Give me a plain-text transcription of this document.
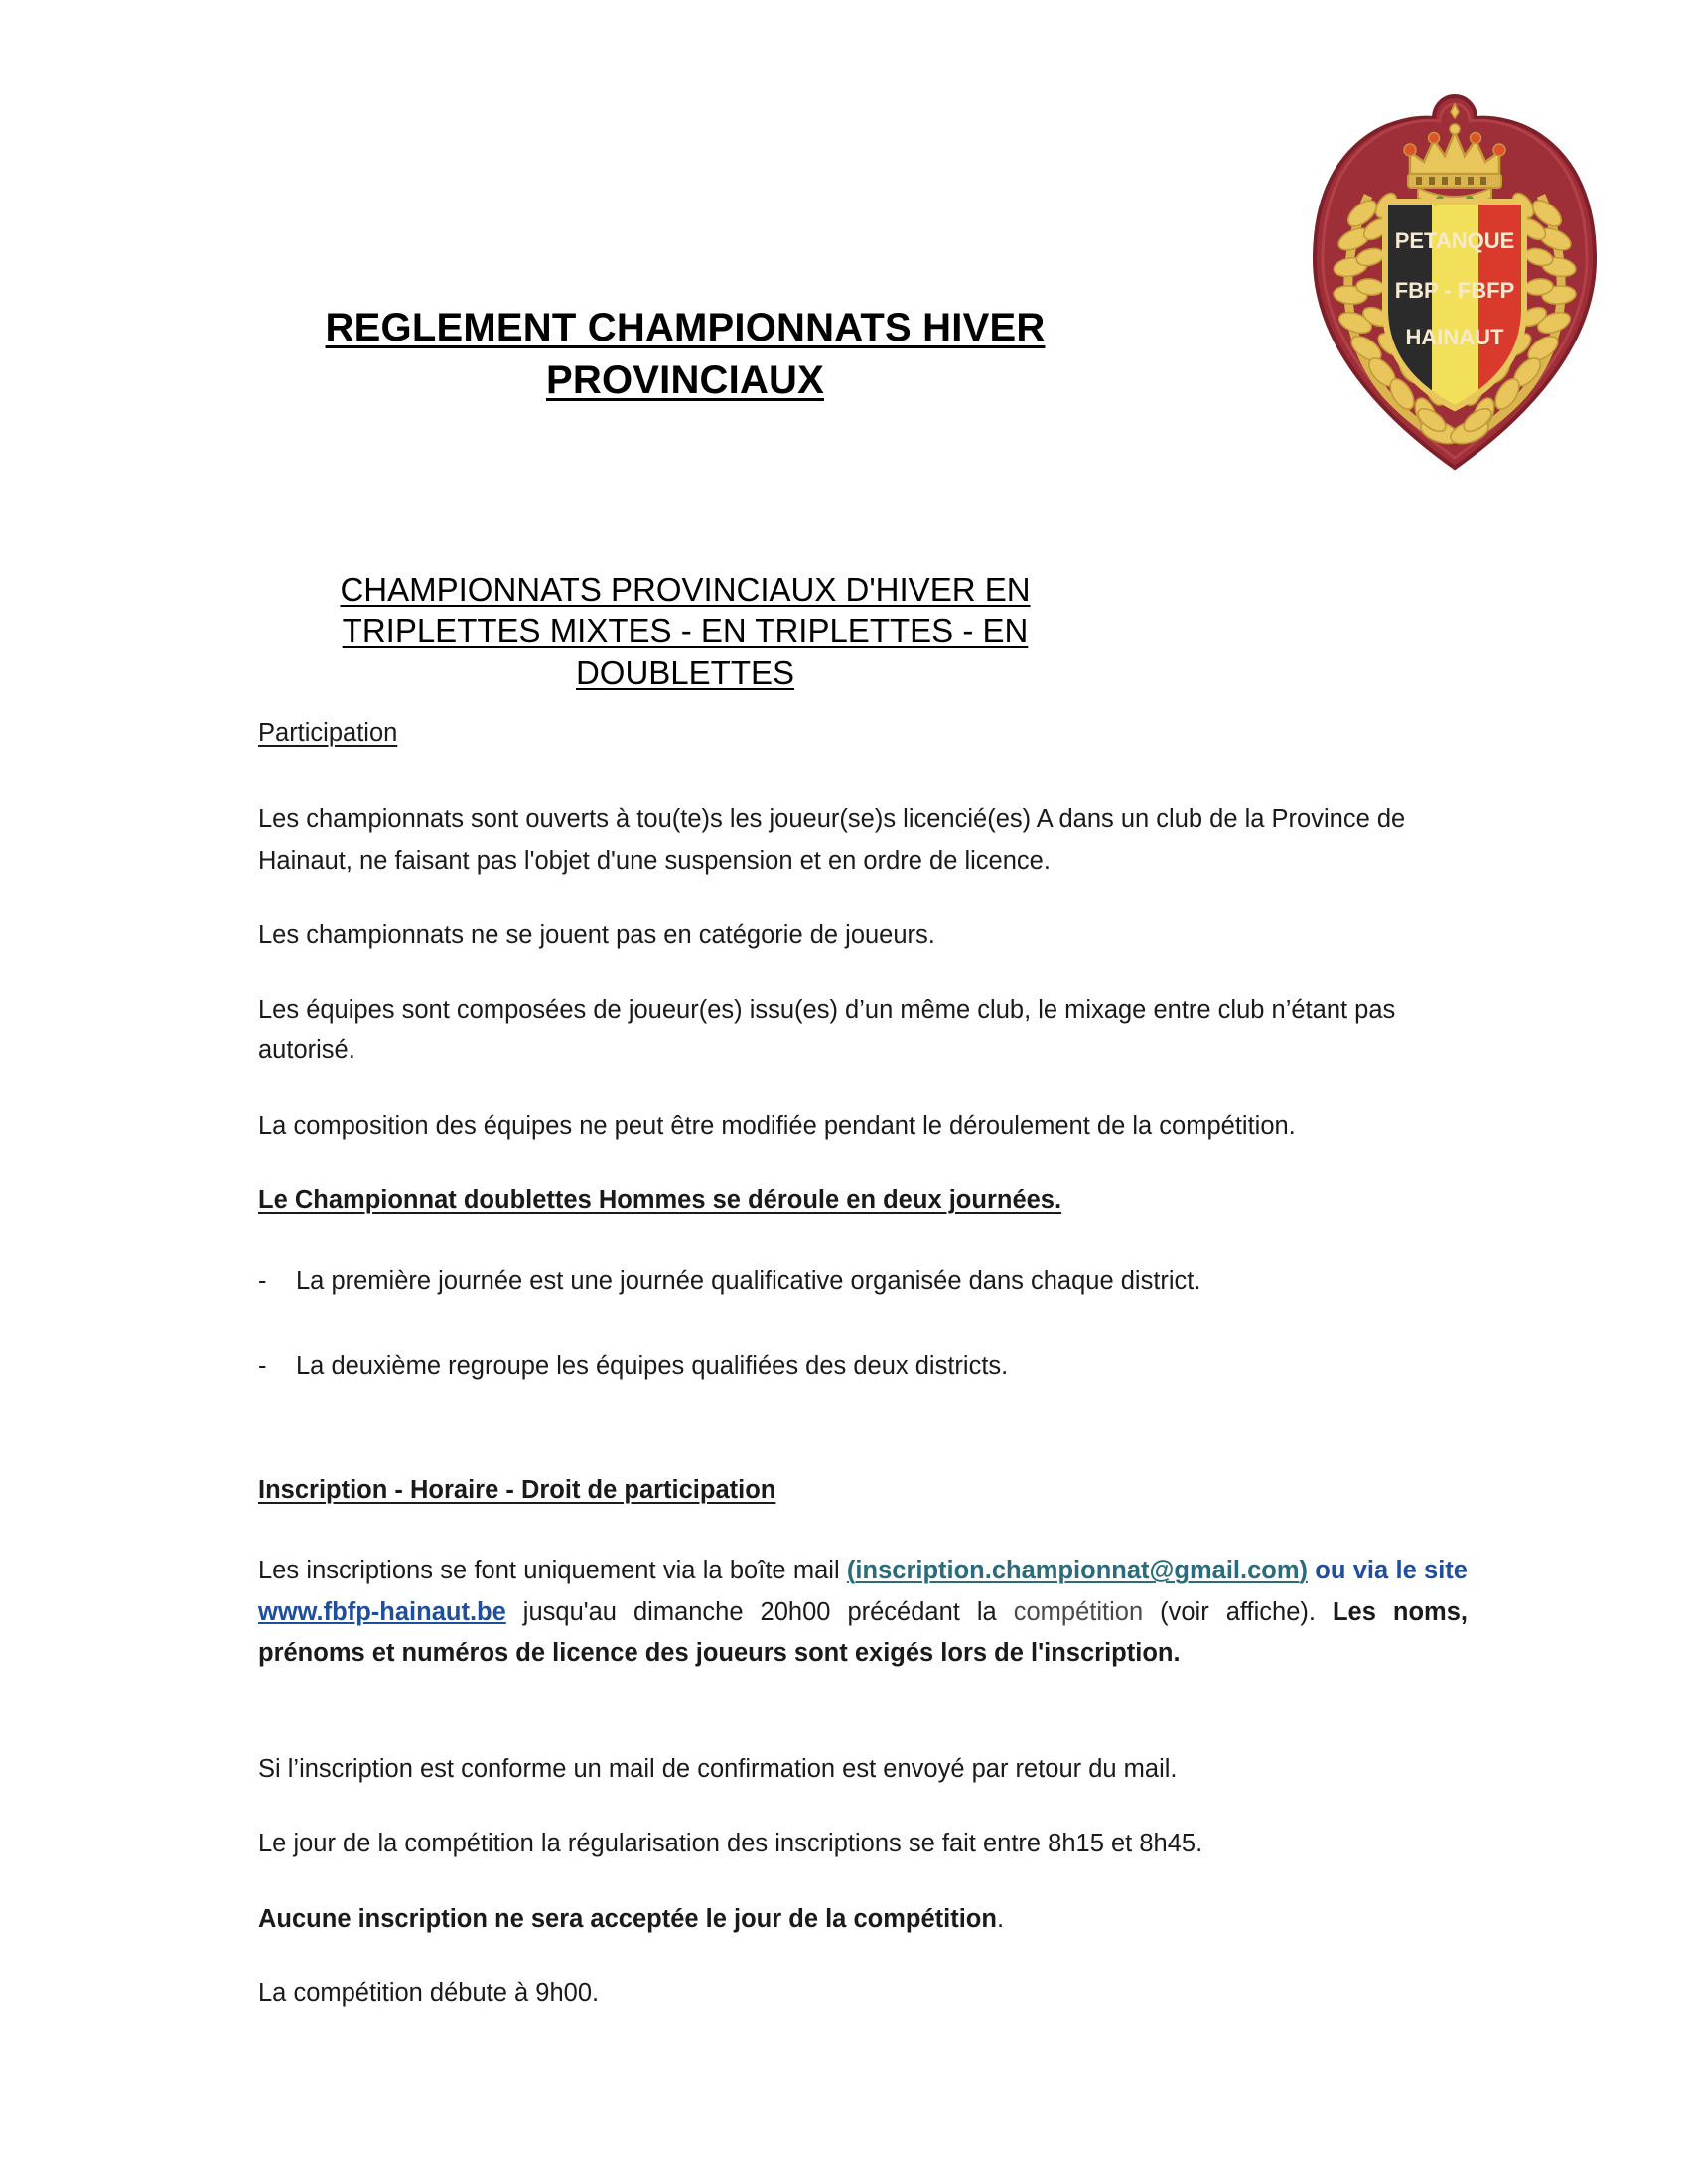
PETANQUE
FBP - FBFP
HAINAUT
REGLEMENT CHAMPIONNATS HIVER
PROVINCIAUX
CHAMPIONNATS PROVINCIAUX D'HIVER EN
TRIPLETTES MIXTES - EN TRIPLETTES - EN
DOUBLETTES
Participation

Les championnats sont ouverts à tou(te)s les joueur(se)s licencié(es) A dans un club de la Province de Hainaut, ne faisant pas l'objet d'une suspension et en ordre de licence.

Les championnats ne se jouent pas en catégorie de joueurs.

Les équipes sont composées de joueur(es) issu(es) d’un même club, le mixage entre club n’étant pas autorisé.

La composition des équipes ne peut être modifiée pendant le déroulement de la compétition.

Le Championnat doublettes Hommes se déroule en deux journées.

-	La première journée est une journée qualificative organisée dans chaque district.
-	La deuxième regroupe les équipes qualifiées des deux districts.

Inscription - Horaire - Droit de participation

Les inscriptions se font uniquement via la boîte mail (inscription.championnat@gmail.com) ou via le site www.fbfp-hainaut.be jusqu'au dimanche 20h00 précédant la compétition (voir affiche). Les noms, prénoms et numéros de licence des joueurs sont exigés lors de l'inscription.

Si l’inscription est conforme un mail de confirmation est envoyé par retour du mail.

Le jour de la compétition la régularisation des inscriptions se fait entre 8h15 et 8h45.

Aucune inscription ne sera acceptée le jour de la compétition.

La compétition débute à 9h00.
